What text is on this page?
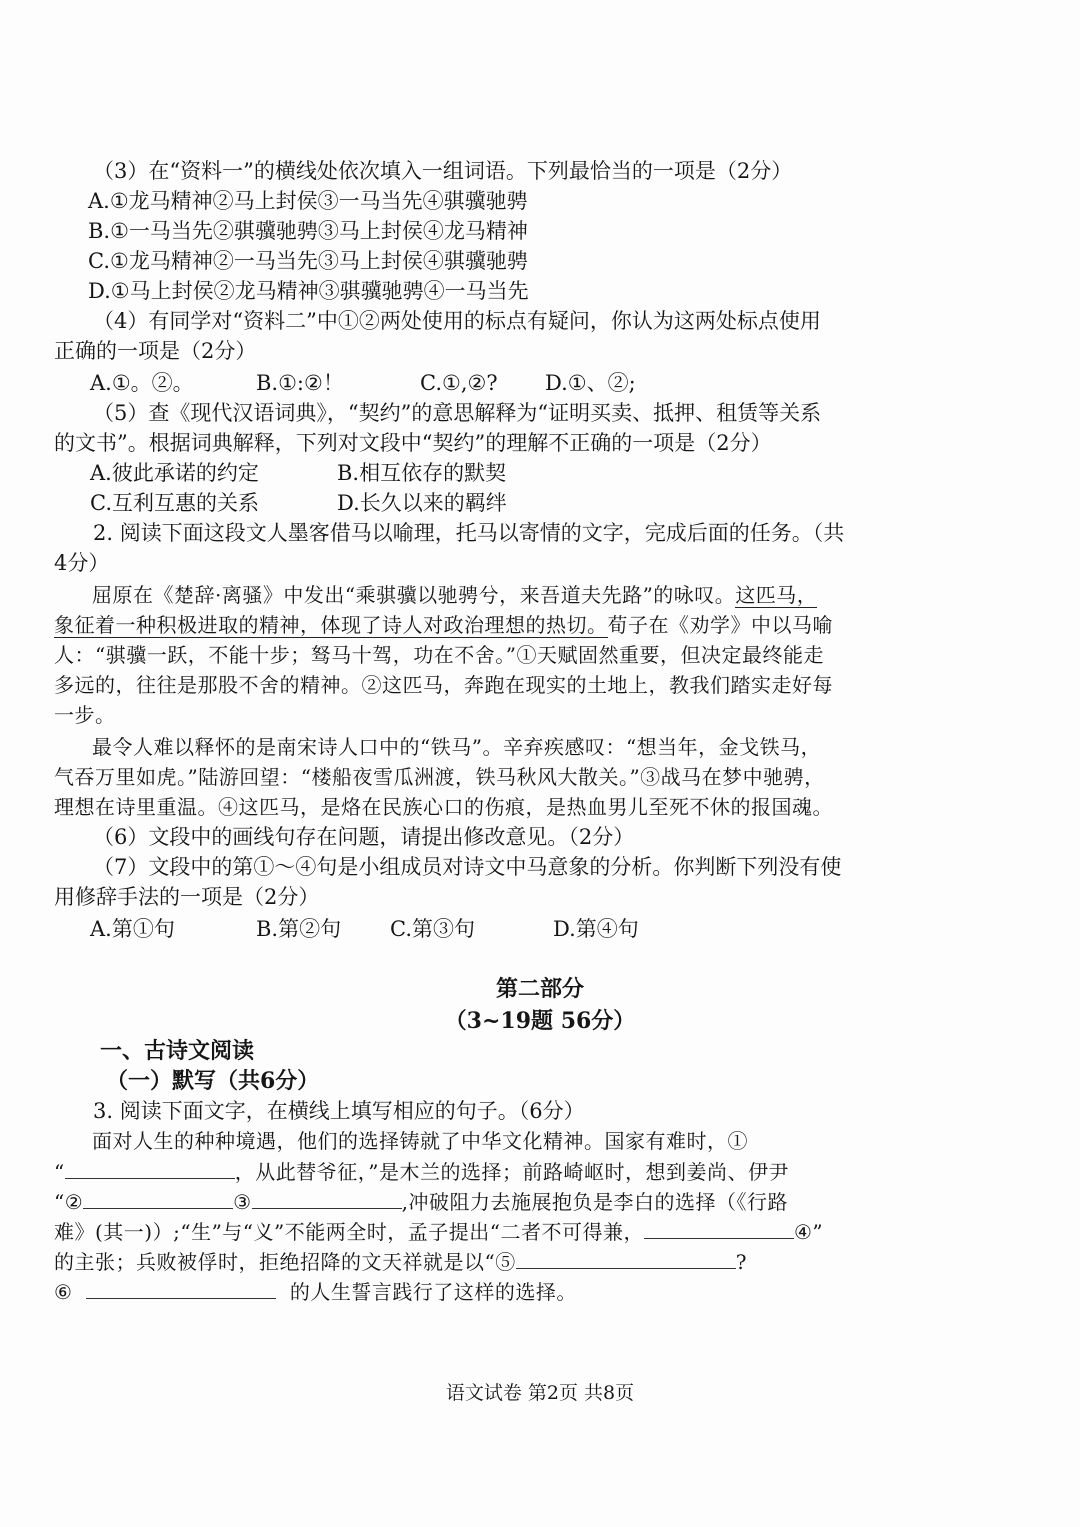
（3）在“资料一”的横线处依次填入一组词语。下列最恰当的一项是（2分）
A.①龙马精神②马上封侯③一马当先④骐骥驰骋
B.①一马当先②骐骥驰骋③马上封侯④龙马精神
C.①龙马精神②一马当先③马上封侯④骐骥驰骋
D.①马上封侯②龙马精神③骐骥驰骋④一马当先
（4）有同学对“资料二”中①②两处使用的标点有疑问，你认为这两处标点使用
正确的一项是（2分）
A.①。②。	B.①:②！	C.①,②? D.①、②;
（5）查《现代汉语词典》，“契约”的意思解释为“证明买卖、抵押、租赁等关系
的文书”。根据词典解释，下列对文段中“契约”的理解不正确的一项是（2分）
A.彼此承诺的约定	B.相互依存的默契
C.互利互惠的关系	D.长久以来的羁绊
2. 阅读下面这段文人墨客借马以喻理，托马以寄情的文字，完成后面的任务。（共
4分）
屈原在《楚辞·离骚》中发出“乘骐骥以驰骋兮，来吾道夫先路”的咏叹。这匹马，
象征着一种积极进取的精神，体现了诗人对政治理想的热切。荀子在《劝学》中以马喻
人：“骐骥一跃，不能十步；驽马十驾，功在不舍。”①天赋固然重要，但决定最终能走
多远的，往往是那股不舍的精神。②这匹马，奔跑在现实的土地上，教我们踏实走好每
一步。
最令人难以释怀的是南宋诗人口中的“铁马”。辛弃疾感叹：“想当年，金戈铁马，
气吞万里如虎。”陆游回望：“楼船夜雪瓜洲渡，铁马秋风大散关。”③战马在梦中驰骋，
理想在诗里重温。④这匹马，是烙在民族心口的伤痕，是热血男儿至死不休的报国魂。
（6）文段中的画线句存在问题，请提出修改意见。（2分）
（7）文段中的第①～④句是小组成员对诗文中马意象的分析。你判断下列没有使
用修辞手法的一项是（2分）
A.第①句	B.第②句 C.第③句	D.第④句
第二部分
（3~19题 56分）
一、古诗文阅读
（一）默写（共6分）
3. 阅读下面文字，在横线上填写相应的句子。（6分）
面对人生的种种境遇，他们的选择铸就了中华文化精神。国家有难时，①
“	，从此替爷征，”是木兰的选择；前路崎岖时，想到姜尚、伊尹
“②	③	,冲破阻力去施展抱负是李白的选择（《行路
难》(其一)）;“生”与“义”不能两全时，孟子提出“二者不可得兼，	④”
的主张；兵败被俘时，拒绝招降的文天祥就是以“⑤	?
⑥	的人生誓言践行了这样的选择。
语文试卷 第2页 共8页
